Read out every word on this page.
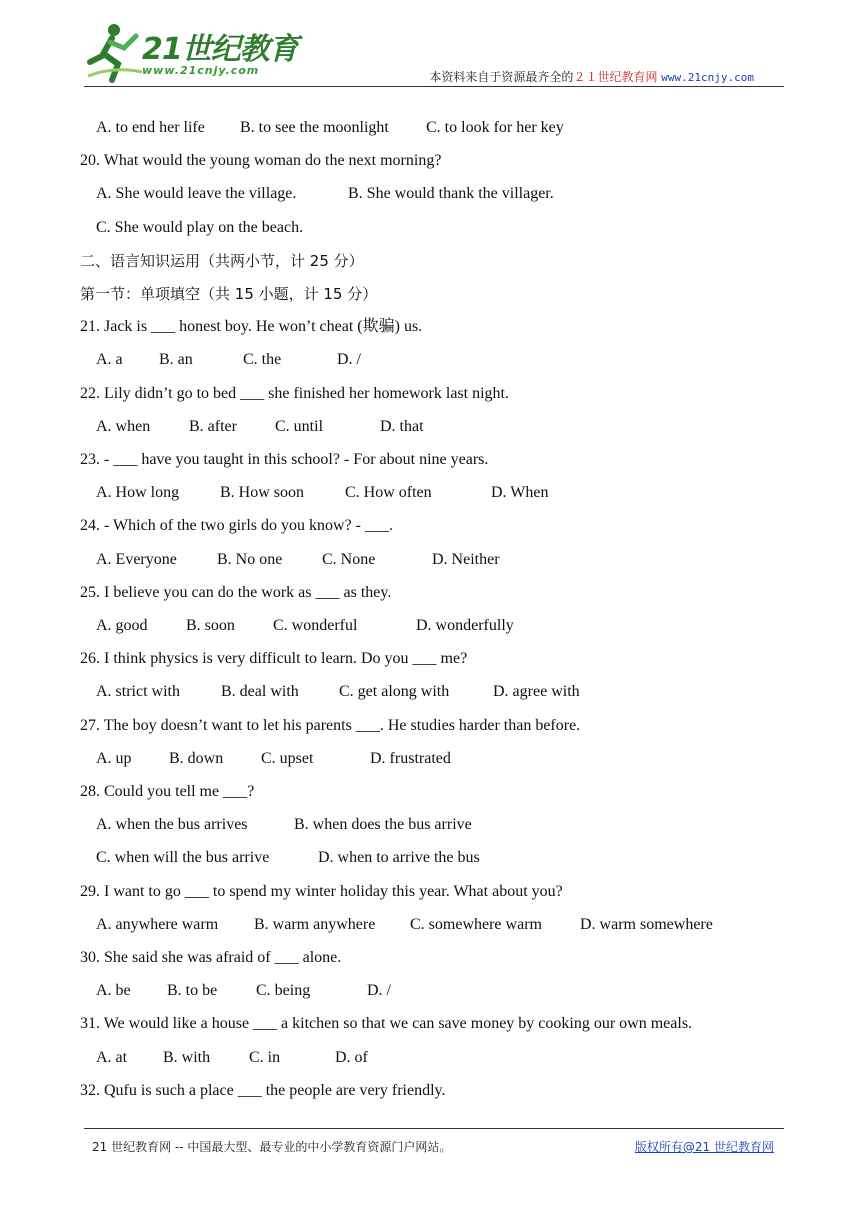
21世纪教育
www.21cnjy.com	本资料来自于资源最齐全的２１世纪教育网 www.21cnjy.com
A. to end her life B. to see the moonlight C. to look for her key
20. What would the young woman do the next morning?
A. She would leave the village.	B. She would thank the villager.
C. She would play on the beach.
二、语言知识运用（共两小节，计 25 分）
第一节：单项填空（共 15 小题，计 15 分）
21. Jack is ___ honest boy. He won’t cheat (欺骗) us.
A. a B. an	C. the	D. /
22. Lily didn’t go to bed ___ she finished her homework last night.
A. when B. after C. until	D. that
23. - ___ have you taught in this school? - For about nine years.
A. How long	B. How soon	C. How often	D. When
24. - Which of the two girls do you know? - ___.
A. Everyone	B. No one C. None	D. Neither
25. I believe you can do the work as ___ as they.
A. good B. soon C. wonderful	D. wonderfully
26. I think physics is very difficult to learn. Do you ___ me?
A. strict with	B. deal with	C. get along with	D. agree with
27. The boy doesn’t want to let his parents ___. He studies harder than before.
A. up B. down C. upset	D. frustrated
28. Could you tell me ___?
A. when the bus arrives	B. when does the bus arrive
C. when will the bus arrive	D. when to arrive the bus
29. I want to go ___ to spend my winter holiday this year. What about you?
A. anywhere warm B. warm anywhere C. somewhere warm D. warm somewhere
30. She said she was afraid of ___ alone.
A. be B. to be C. being	D. /
31. We would like a house ___ a kitchen so that we can save money by cooking our own meals.
A. at B. with C. in	D. of
32. Qufu is such a place ___ the people are very friendly.
21 世纪教育网 -- 中国最大型、最专业的中小学教育资源门户网站。	版权所有@21 世纪教育网
